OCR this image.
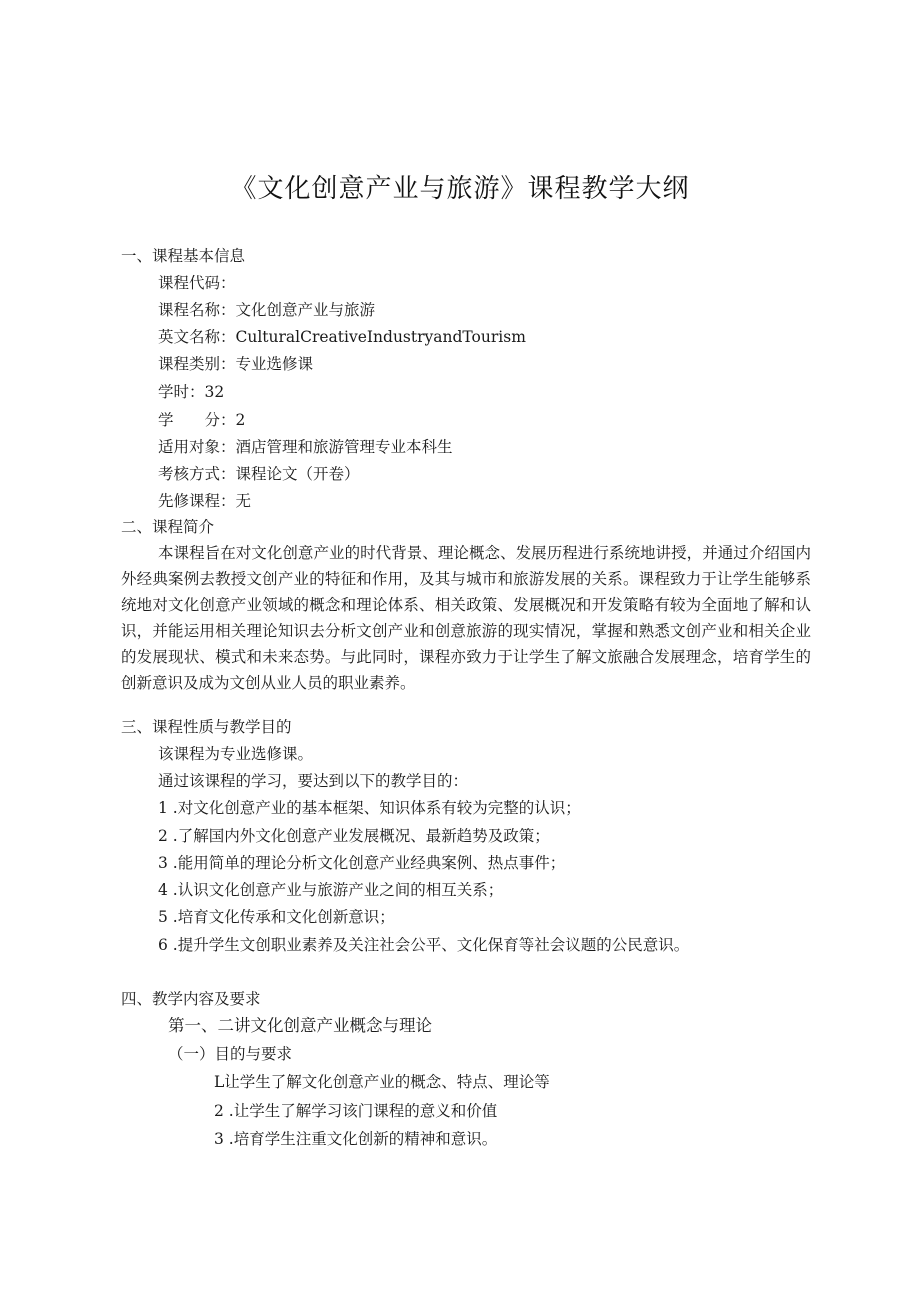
《文化创意产业与旅游》课程教学大纲
一、课程基本信息
课程代码：
课程名称：文化创意产业与旅游
英文名称：CulturalCreativeIndustryandTourism
课程类别：专业选修课
学时：32
学　　分：2
适用对象：酒店管理和旅游管理专业本科生
考核方式：课程论文（开卷）
先修课程：无
二、课程简介
本课程旨在对文化创意产业的时代背景、理论概念、发展历程进行系统地讲授，并通过介绍国内外经典案例去教授文创产业的特征和作用，及其与城市和旅游发展的关系。课程致力于让学生能够系统地对文化创意产业领域的概念和理论体系、相关政策、发展概况和开发策略有较为全面地了解和认识，并能运用相关理论知识去分析文创产业和创意旅游的现实情况，掌握和熟悉文创产业和相关企业的发展现状、模式和未来态势。与此同时，课程亦致力于让学生了解文旅融合发展理念，培育学生的创新意识及成为文创从业人员的职业素养。
三、课程性质与教学目的
该课程为专业选修课。
通过该课程的学习，要达到以下的教学目的：
1 .对文化创意产业的基本框架、知识体系有较为完整的认识；
2 .了解国内外文化创意产业发展概况、最新趋势及政策；
3 .能用简单的理论分析文化创意产业经典案例、热点事件；
4 .认识文化创意产业与旅游产业之间的相互关系；
5 .培育文化传承和文化创新意识；
6 .提升学生文创职业素养及关注社会公平、文化保育等社会议题的公民意识。
四、教学内容及要求
第一、二讲文化创意产业概念与理论
（一）目的与要求
L让学生了解文化创意产业的概念、特点、理论等
2 .让学生了解学习该门课程的意义和价值
3 .培育学生注重文化创新的精神和意识。
